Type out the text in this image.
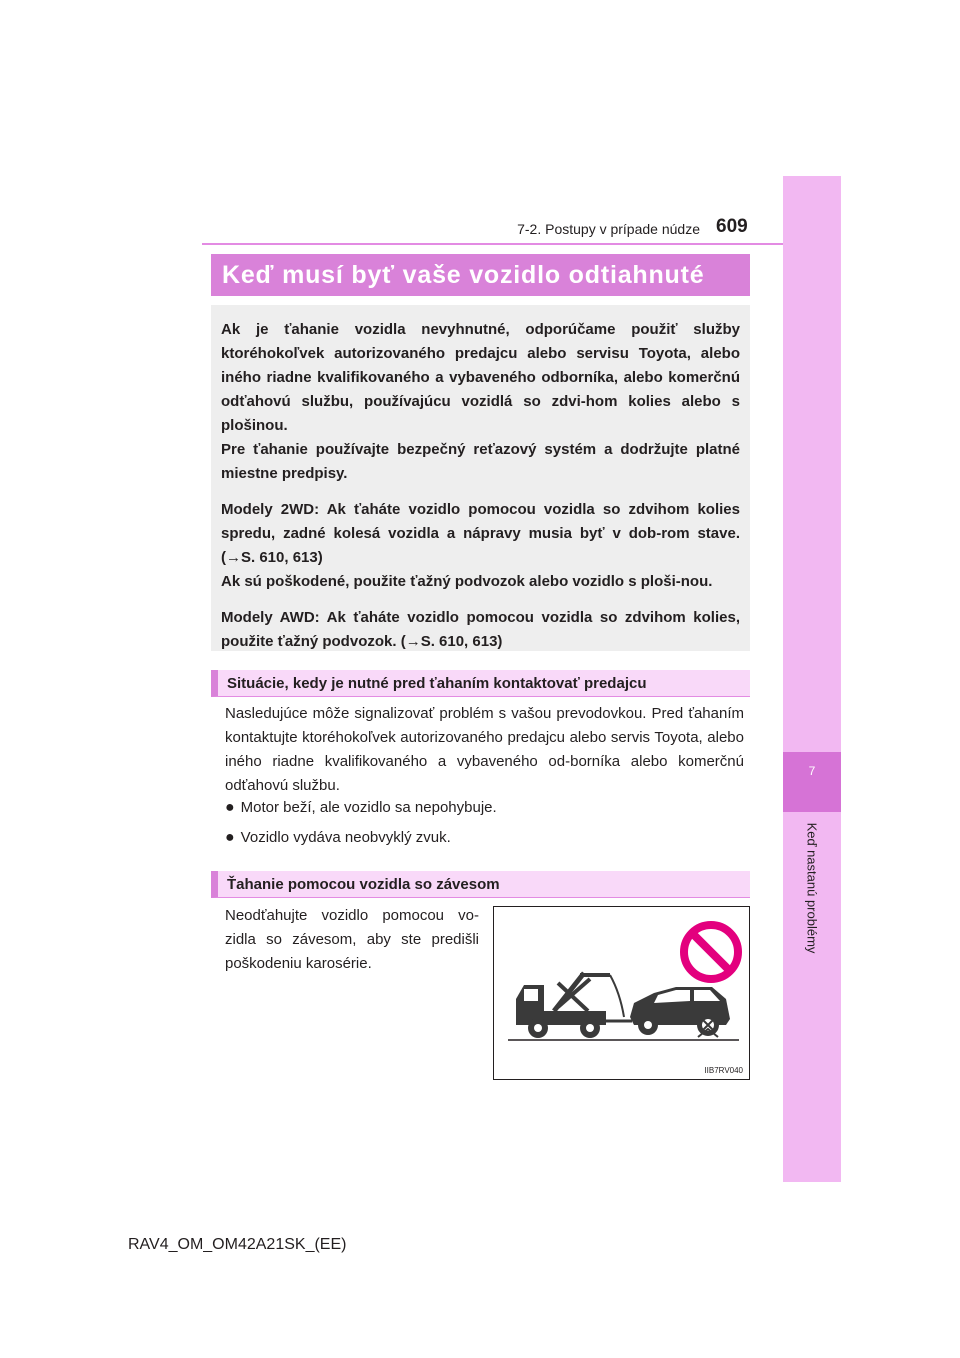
7
Keď nastanú problémy
7-2. Postupy v prípade núdze 609
Keď musí byť vaše vozidlo odtiahnuté

Ak je ťahanie vozidla nevyhnutné, odporúčame použiť služby ktoréhokoľvek autorizovaného predajcu alebo servisu Toyota, alebo iného riadne kvalifikovaného a vybaveného odborníka, alebo komerčnú odťahovú službu, používajúcu vozidlá so zdvi-hom kolies alebo s plošinou.
Pre ťahanie používajte bezpečný reťazový systém a dodržujte platné miestne predpisy.

Modely 2WD: Ak ťaháte vozidlo pomocou vozidla so zdvihom kolies spredu, zadné kolesá vozidla a nápravy musia byť v dob-rom stave. (→S. 610, 613)
Ak sú poškodené, použite ťažný podvozok alebo vozidlo s ploši-nou.

Modely AWD: Ak ťaháte vozidlo pomocou vozidla so zdvihom kolies, použite ťažný podvozok. (→S. 610, 613)

Situácie, kedy je nutné pred ťahaním kontaktovať predajcu
Nasledujúce môže signalizovať problém s vašou prevodovkou. Pred ťahaním kontaktujte ktoréhokoľvek autorizovaného predajcu alebo servis Toyota, alebo iného riadne kvalifikovaného a vybaveného od-borníka alebo komerčnú odťahovú službu.
● Motor beží, ale vozidlo sa nepohybuje.
● Vozidlo vydáva neobvyklý zvuk.
Ťahanie pomocou vozidla so závesom
Neodťahujte vozidlo pomocou vo-zidla so závesom, aby ste predišli poškodeniu karosérie.
IIB7RV040
RAV4_OM_OM42A21SK_(EE)
